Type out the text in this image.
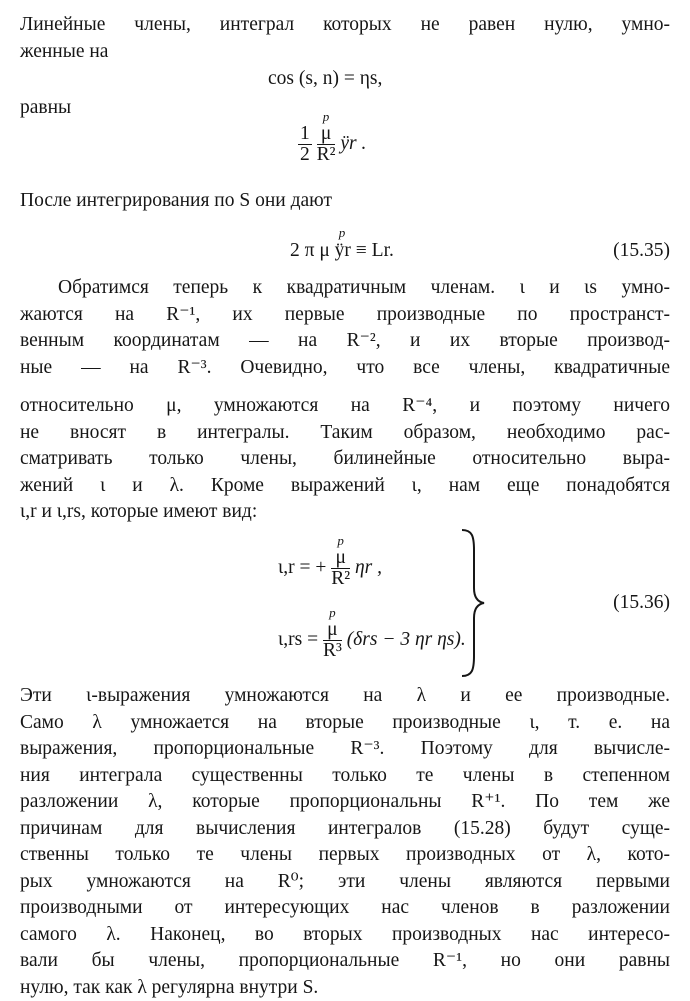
Линейные члены, интеграл которых не равен нулю, умно-
женные на

cos (s, n) = ηs,

равны

$\frac{1}{2}$

p
μ
R²
ÿr .

После интегрирования по S они дают

p
2 π μ ÿr ≡ Lr.	(15.35)

Обратимся теперь к квадратичным членам. ι и ιs умно-
жаются на R⁻¹, их первые производные по пространст-
венным координатам — на R⁻², и их вторые производ-
ные — на R⁻³. Очевидно, что все члены, квадратичные
относительно μ, умножаются на R⁻⁴, и поэтому ничего
не вносят в интегралы. Таким образом, необходимо рас-
сматривать только члены, билинейные относительно выра-
жений ι и λ. Кроме выражений ι, нам еще понадобятся
ι,r и ι,rs, которые имеют вид:

ι,r = +
p
μ
R²
ηr ,
ι,rs =
p
μ
R³
(δrs − 3 ηr ηs).
(15.36)

Эти ι-выражения умножаются на λ и ее производные.
Само λ умножается на вторые производные ι, т. е. на
выражения, пропорциональные R⁻³. Поэтому для вычисле-
ния интеграла существенны только те члены в степенном
разложении λ, которые пропорциональны R⁺¹. По тем же
причинам для вычисления интегралов (15.28) будут суще-
ственны только те члены первых производных от λ, кото-
рых умножаются на R⁰; эти члены являются первыми
производными от интересующих нас членов в разложении
самого λ. Наконец, во вторых производных нас интересо-
вали бы члены, пропорциональные R⁻¹, но они равны
нулю, так как λ регулярна внутри S.
